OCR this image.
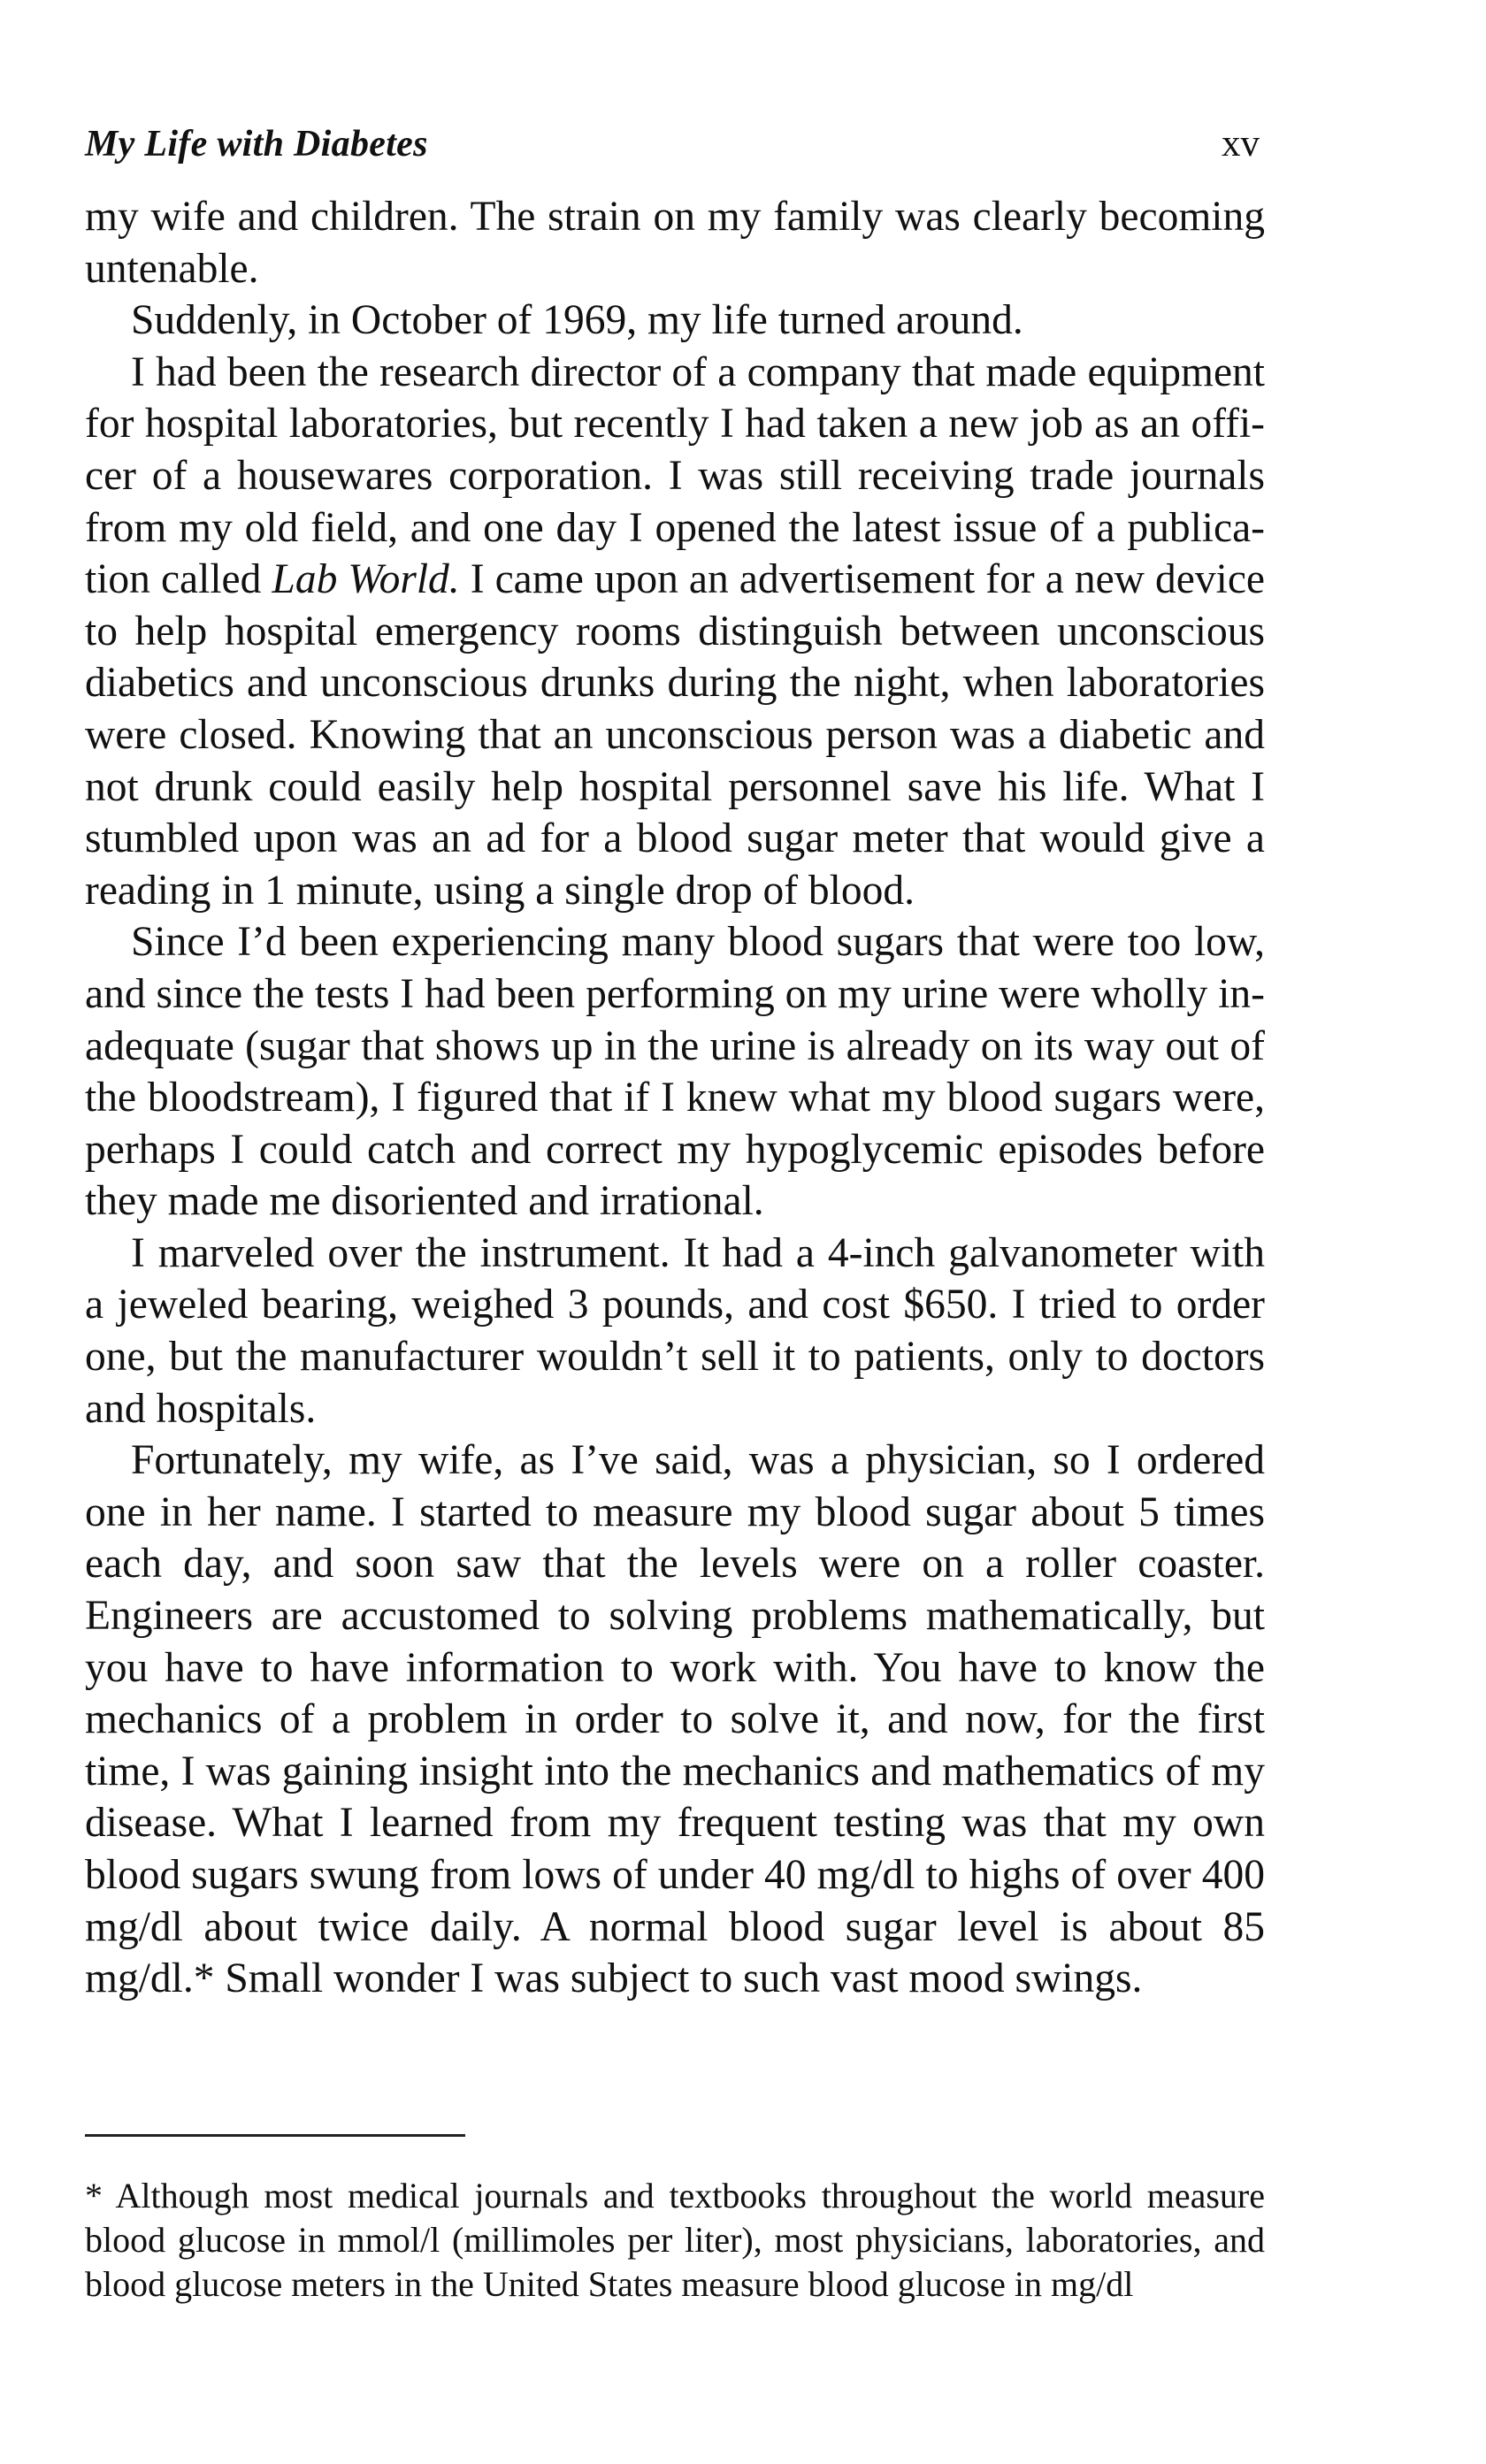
My Life with Diabetes	xv

my wife and children. The strain on my family was clearly becoming untenable.

Suddenly, in October of 1969, my life turned around.

I had been the research director of a company that made equipment for hospital laboratories, but recently I had taken a new job as an officer of a housewares corporation. I was still receiving trade journals from my old field, and one day I opened the latest issue of a publication called Lab World. I came upon an advertisement for a new device to help hospital emergency rooms distinguish between unconscious diabetics and unconscious drunks during the night, when laboratories were closed. Knowing that an unconscious person was a diabetic and not drunk could easily help hospital personnel save his life. What I stumbled upon was an ad for a blood sugar meter that would give a reading in 1 minute, using a single drop of blood.

Since I’d been experiencing many blood sugars that were too low, and since the tests I had been performing on my urine were wholly inadequate (sugar that shows up in the urine is already on its way out of the bloodstream), I figured that if I knew what my blood sugars were, perhaps I could catch and correct my hypoglycemic episodes before they made me disoriented and irrational.

I marveled over the instrument. It had a 4-inch galvanometer with a jeweled bearing, weighed 3 pounds, and cost $650. I tried to order one, but the manufacturer wouldn’t sell it to patients, only to doctors and hospitals.

Fortunately, my wife, as I’ve said, was a physician, so I ordered one in her name. I started to measure my blood sugar about 5 times each day, and soon saw that the levels were on a roller coaster. Engineers are accustomed to solving problems mathematically, but you have to have information to work with. You have to know the mechanics of a problem in order to solve it, and now, for the first time, I was gaining insight into the mechanics and mathematics of my disease. What I learned from my frequent testing was that my own blood sugars swung from lows of under 40 mg/dl to highs of over 400 mg/dl about twice daily. A normal blood sugar level is about 85 mg/dl.* Small wonder I was subject to such vast mood swings.

* Although most medical journals and textbooks throughout the world measure blood glucose in mmol/l (millimoles per liter), most physicians, laboratories, and blood glucose meters in the United States measure blood glucose in mg/dl
